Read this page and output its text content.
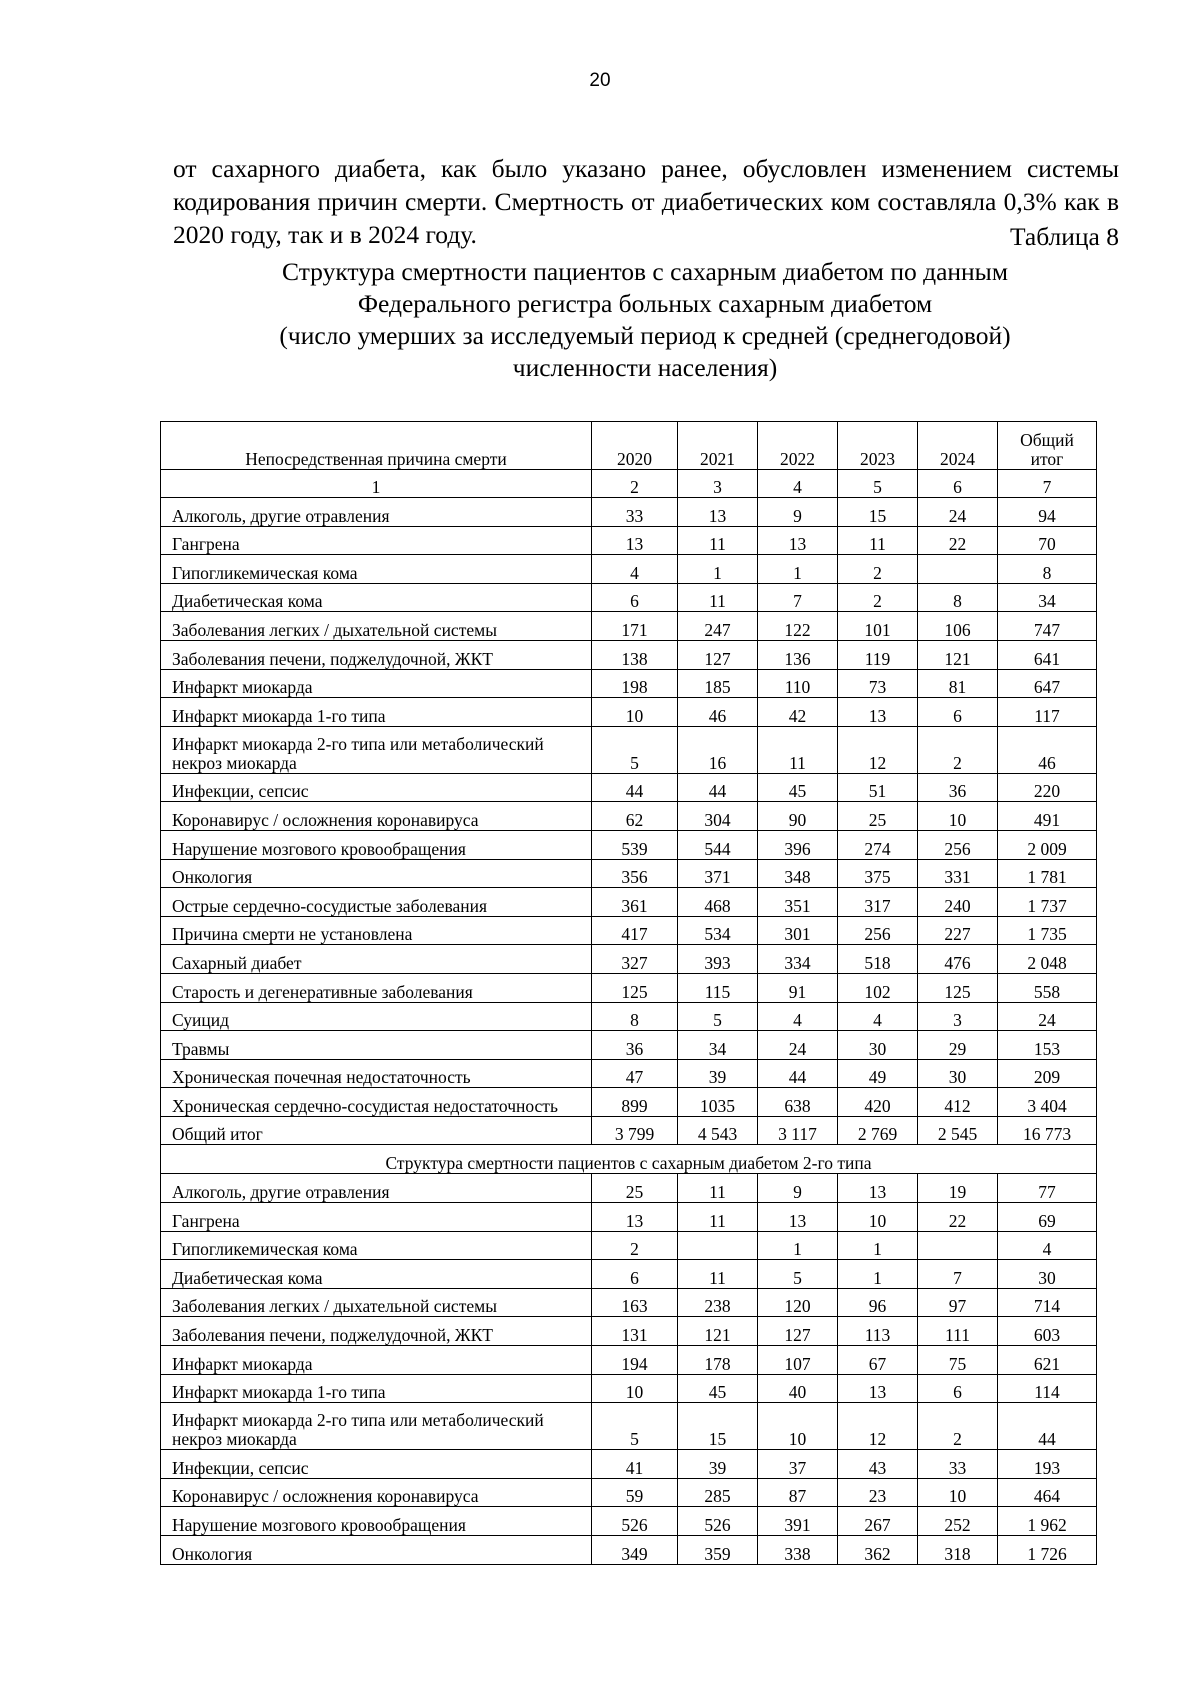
20

от сахарного диабета, как было указано ранее, обусловлен изменением системы кодирования причин смерти. Смертность от диабетических ком составляла 0,3% как в 2020 году, так и в 2024 году.	Таблица 8
Структура смертности пациентов с сахарным диабетом по данным
Федерального регистра больных сахарным диабетом
(число умерших за исследуемый период к средней (среднегодовой)
численности населения)
Непосредственная причина смерти	2020	2021	2022	2023	2024	Общий итог
1	2	3	4	5	6	7
Алкоголь, другие отравления	33	13	9	15	24	94
Гангрена	13	11	13	11	22	70
Гипогликемическая кома	4	1	1	2		8
Диабетическая кома	6	11	7	2	8	34
Заболевания легких / дыхательной системы	171	247	122	101	106	747
Заболевания печени, поджелудочной, ЖКТ	138	127	136	119	121	641
Инфаркт миокарда	198	185	110	73	81	647
Инфаркт миокарда 1-го типа	10	46	42	13	6	117
Инфаркт миокарда 2-го типа или метаболический некроз миокарда	5	16	11	12	2	46
Инфекции, сепсис	44	44	45	51	36	220
Коронавирус / осложнения коронавируса	62	304	90	25	10	491
Нарушение мозгового кровообращения	539	544	396	274	256	2 009
Онкология	356	371	348	375	331	1 781
Острые сердечно-сосудистые заболевания	361	468	351	317	240	1 737
Причина смерти не установлена	417	534	301	256	227	1 735
Сахарный диабет	327	393	334	518	476	2 048
Старость и дегенеративные заболевания	125	115	91	102	125	558
Суицид	8	5	4	4	3	24
Травмы	36	34	24	30	29	153
Хроническая почечная недостаточность	47	39	44	49	30	209
Хроническая сердечно-сосудистая недостаточность	899	1035	638	420	412	3 404
Общий итог	3 799	4 543	3 117	2 769	2 545	16 773
Структура смертности пациентов с сахарным диабетом 2-го типа						
Алкоголь, другие отравления	25	11	9	13	19	77
Гангрена	13	11	13	10	22	69
Гипогликемическая кома	2		1	1		4
Диабетическая кома	6	11	5	1	7	30
Заболевания легких / дыхательной системы	163	238	120	96	97	714
Заболевания печени, поджелудочной, ЖКТ	131	121	127	113	111	603
Инфаркт миокарда	194	178	107	67	75	621
Инфаркт миокарда 1-го типа	10	45	40	13	6	114
Инфаркт миокарда 2-го типа или метаболический некроз миокарда	5	15	10	12	2	44
Инфекции, сепсис	41	39	37	43	33	193
Коронавирус / осложнения коронавируса	59	285	87	23	10	464
Нарушение мозгового кровообращения	526	526	391	267	252	1 962
Онкология	349	359	338	362	318	1 726
